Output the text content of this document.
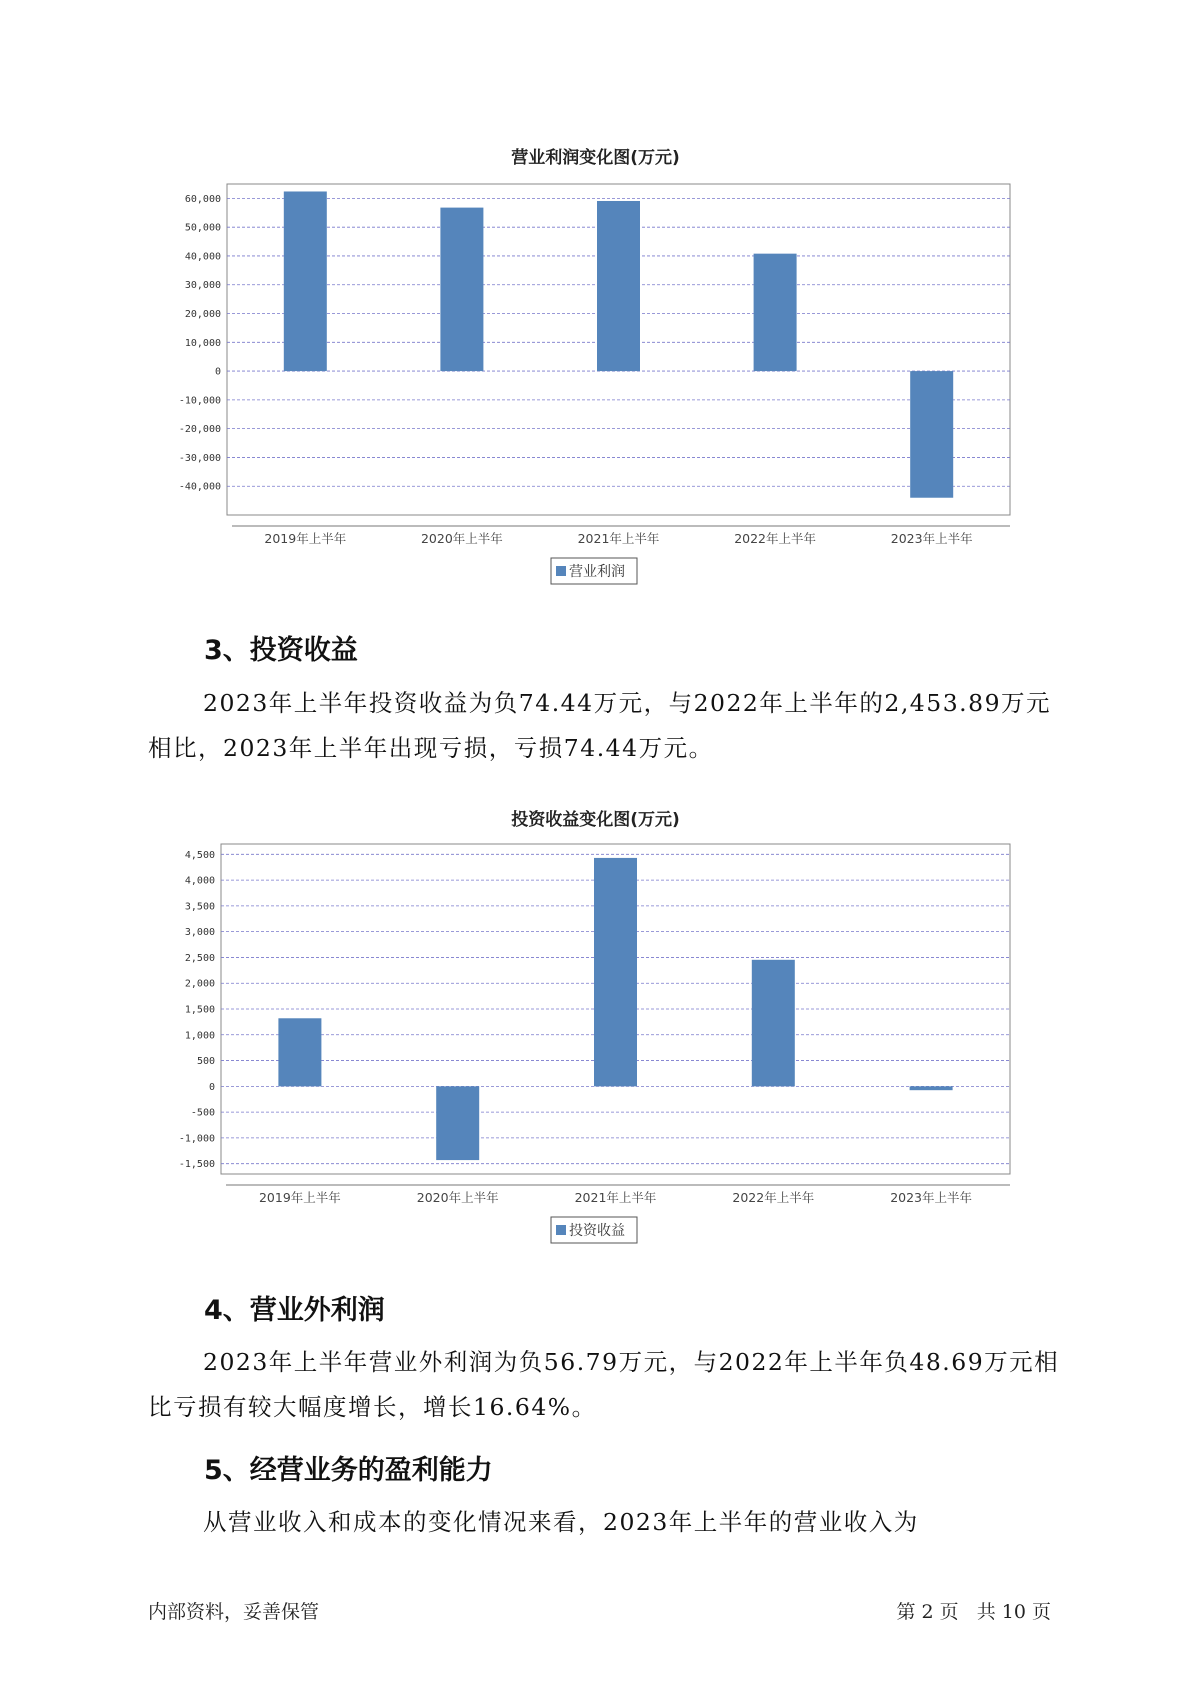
营业利润变化图(万元)
60,000
50,000
40,000
30,000
20,000
10,000
0
-10,000
-20,000
-30,000
-40,000
2019年上半年	2020年上半年	2021年上半年	2022年上半年	2023年上半年
营业利润
3、投资收益

2023年上半年投资收益为负74.44万元，与2022年上半年的2,453.89万元相比，2023年上半年出现亏损，亏损74.44万元。

投资收益变化图(万元)
4,500
4,000
3,500
3,000
2,500
2,000
1,500
1,000
500
0
-500
-1,000
-1,500
2019年上半年	2020年上半年	2021年上半年	2022年上半年	2023年上半年
投资收益
4、营业外利润

2023年上半年营业外利润为负56.79万元，与2022年上半年负48.69万元相比亏损有较大幅度增长，增长16.64%。

5、经营业务的盈利能力

从营业收入和成本的变化情况来看，2023年上半年的营业收入为

内部资料，妥善保管	第 2 页   共 10 页
